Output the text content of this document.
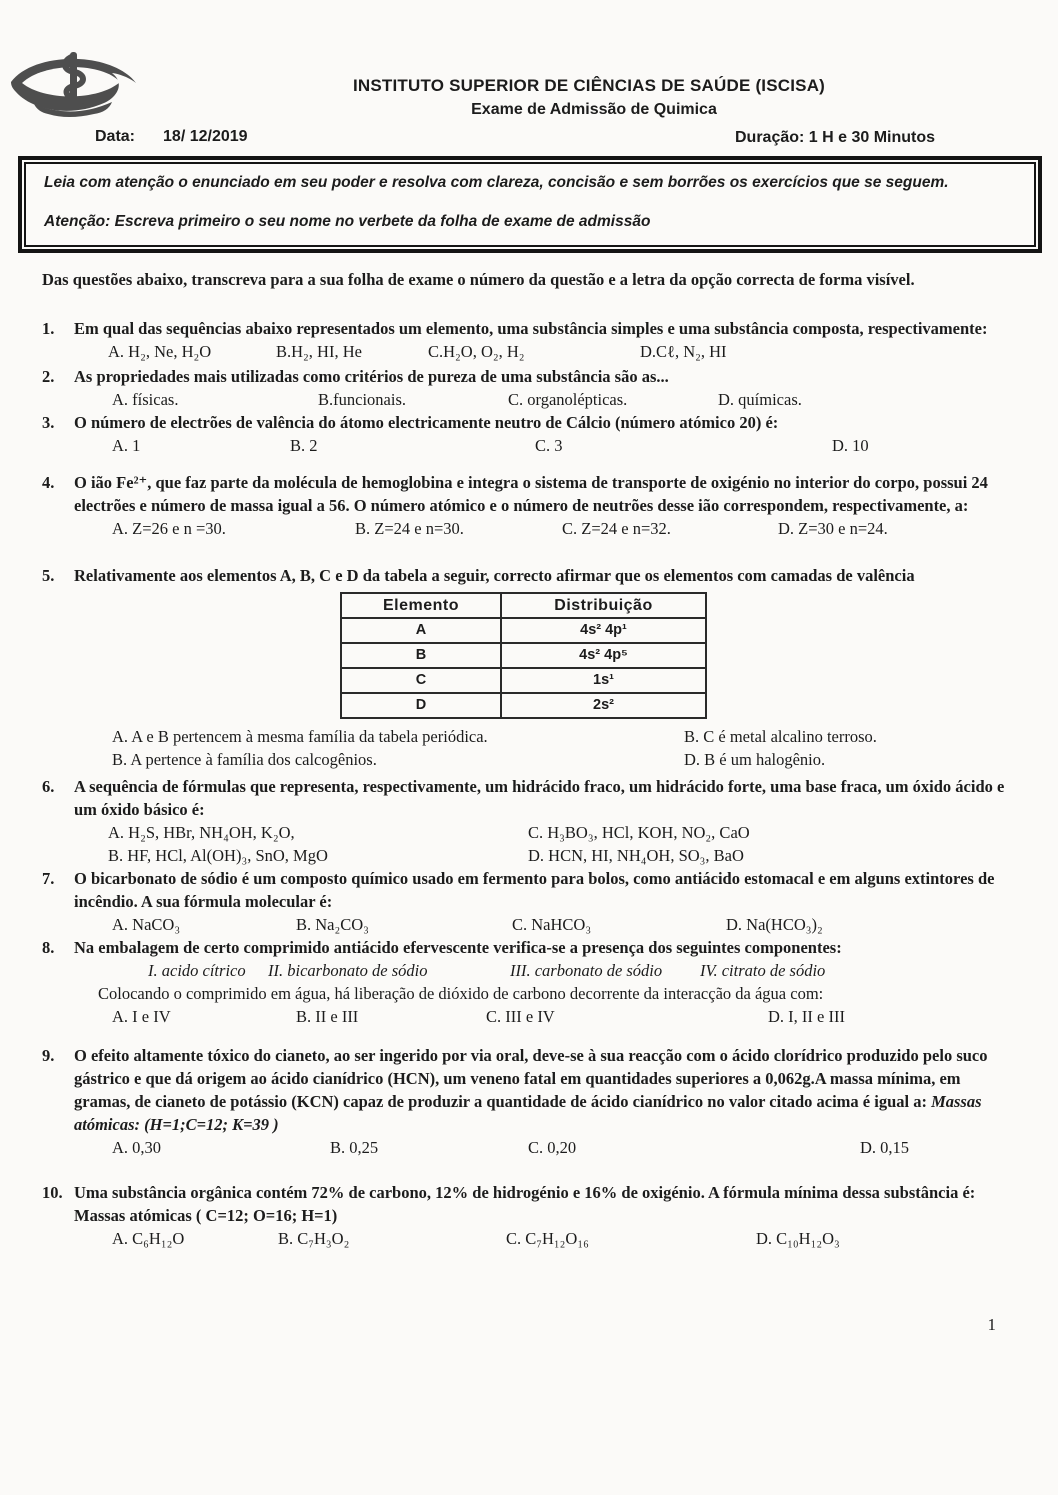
INSTITUTO SUPERIOR DE CIÊNCIAS DE SAÚDE (ISCISA)
Exame de Admissão de Quimica
Data: 18/ 12/2019	Duração: 1 H e 30 Minutos
Leia com atenção o enunciado em seu poder e resolva com clareza, concisão e sem borrões os exercícios que se seguem.
Atenção: Escreva primeiro o seu nome no verbete da folha de exame de admissão
Das questões abaixo, transcreva para a sua folha de exame o número da questão e a letra da opção correcta de forma visível.
1.	Em qual das sequências abaixo representados um elemento, uma substância simples e uma substância composta, respectivamente:
A. H₂, Ne, H₂O	B.H₂, HI, He	C.H₂O, O₂, H₂	D.Cℓ, N₂, HI
2.	As propriedades mais utilizadas como critérios de pureza de uma substância são as...
A. físicas.	B.funcionais.	C. organolépticas.	D. químicas.
3.	O número de electrões de valência do átomo electricamente neutro de Cálcio (número atómico 20) é:
A. 1	B. 2	C. 3	D. 10
4.	O ião Fe²⁺, que faz parte da molécula de hemoglobina e integra o sistema de transporte de oxigénio no interior do corpo, possui 24 electrões e número de massa igual a 56. O número atómico e o número de neutrões desse ião correspondem, respectivamente, a:
A. Z=26 e n =30.	B. Z=24 e n=30.	C. Z=24 e n=32.	D. Z=30 e n=24.
5.	Relativamente aos elementos A, B, C e D da tabela a seguir, correcto afirmar que os elementos com camadas de valência
Elemento	Distribuição
A	4s² 4p¹
B	4s² 4p⁵
C	1s¹
D	2s²
A. A e B pertencem à mesma família da tabela periódica.	B. C é metal alcalino terroso.
B. A pertence à família dos calcogênios.	D. B é um halogênio.
6.	A sequência de fórmulas que representa, respectivamente, um hidrácido fraco, um hidrácido forte, uma base fraca, um óxido ácido e um óxido básico é:
A. H₂S, HBr, NH₄OH, K₂O,	C. H₃BO₃, HCl, KOH, NO₂, CaO
B. HF, HCl, Al(OH)₃, SnO, MgO	D. HCN, HI, NH₄OH, SO₃, BaO
7.	O bicarbonato de sódio é um composto químico usado em fermento para bolos, como antiácido estomacal e em alguns extintores de incêndio. A sua fórmula molecular é:
A. NaCO₃	B. Na₂CO₃	C. NaHCO₃	D. Na(HCO₃)₂
8.	Na embalagem de certo comprimido antiácido efervescente verifica-se a presença dos seguintes componentes:
I. acido cítrico	II. bicarbonato de sódio	III. carbonato de sódio	IV. citrato de sódio
Colocando o comprimido em água, há liberação de dióxido de carbono decorrente da interacção da água com:
A. I e IV	B. II e III	C. III e IV	D. I, II e III
9.	O efeito altamente tóxico do cianeto, ao ser ingerido por via oral, deve-se à sua reacção com o ácido clorídrico produzido pelo suco gástrico e que dá origem ao ácido cianídrico (HCN), um veneno fatal em quantidades superiores a 0,062g.A massa mínima, em gramas, de cianeto de potássio (KCN) capaz de produzir a quantidade de ácido cianídrico no valor citado acima é igual a: Massas atómicas: (H=1;C=12; K=39 )
A. 0,30	B. 0,25	C. 0,20	D. 0,15
10. Uma substância orgânica contém 72% de carbono, 12% de hidrogénio e 16% de oxigénio. A fórmula mínima dessa substância é: Massas atómicas ( C=12; O=16; H=1)
A. C₆H₁₂O	B. C₇H₃O₂	C. C₇H₁₂O₁₆	D. C₁₀H₁₂O₃
1
